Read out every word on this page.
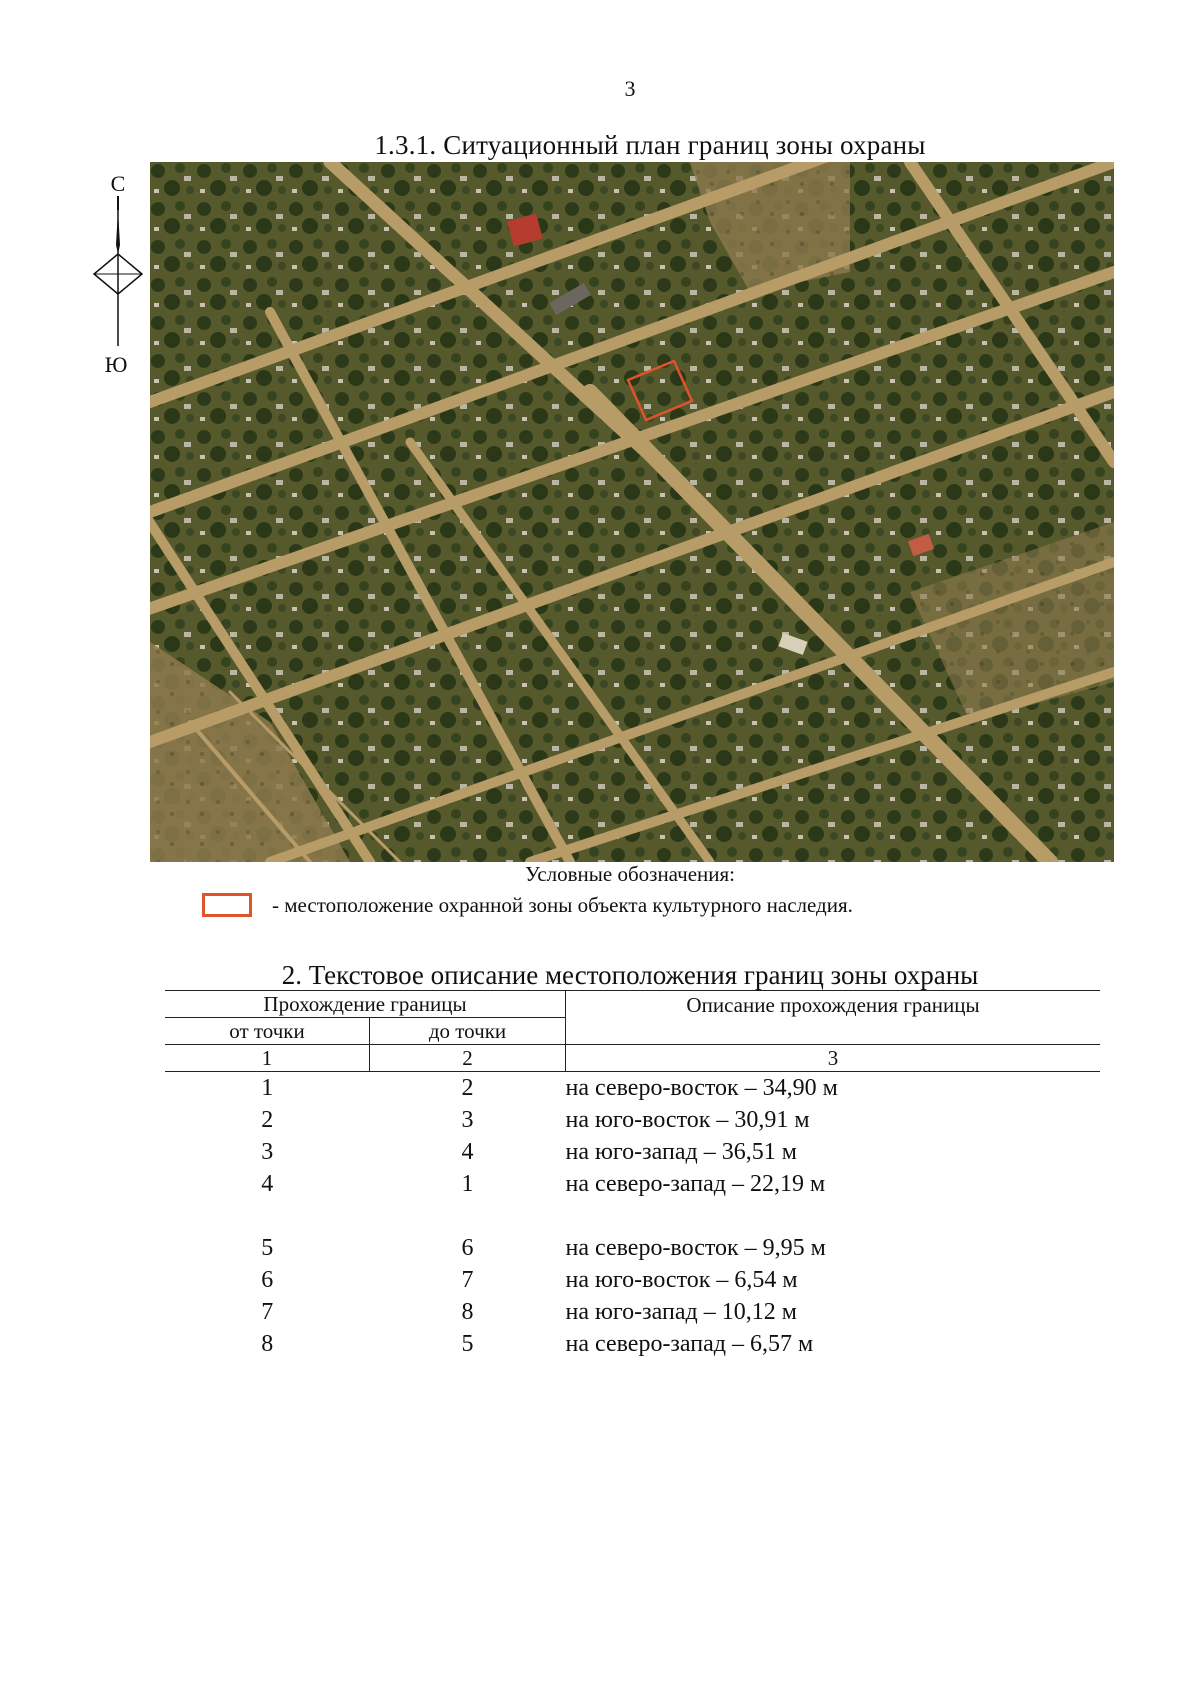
3
1.3.1. Ситуационный план границ зоны охраны
С
Ю
Условные обозначения:
- местоположение охранной зоны объекта культурного наследия.
2. Текстовое описание местоположения границ зоны охраны
Прохождение границы		Описание прохождения границы
от точки	до точки	
1	2	3
1	2	на северо-восток – 34,90 м
2	3	на юго-восток – 30,91 м
3	4	на юго-запад – 36,51 м
4	1	на северо-запад – 22,19 м

5	6	на северо-восток – 9,95 м
6	7	на юго-восток – 6,54 м
7	8	на юго-запад – 10,12 м
8	5	на северо-запад – 6,57 м
